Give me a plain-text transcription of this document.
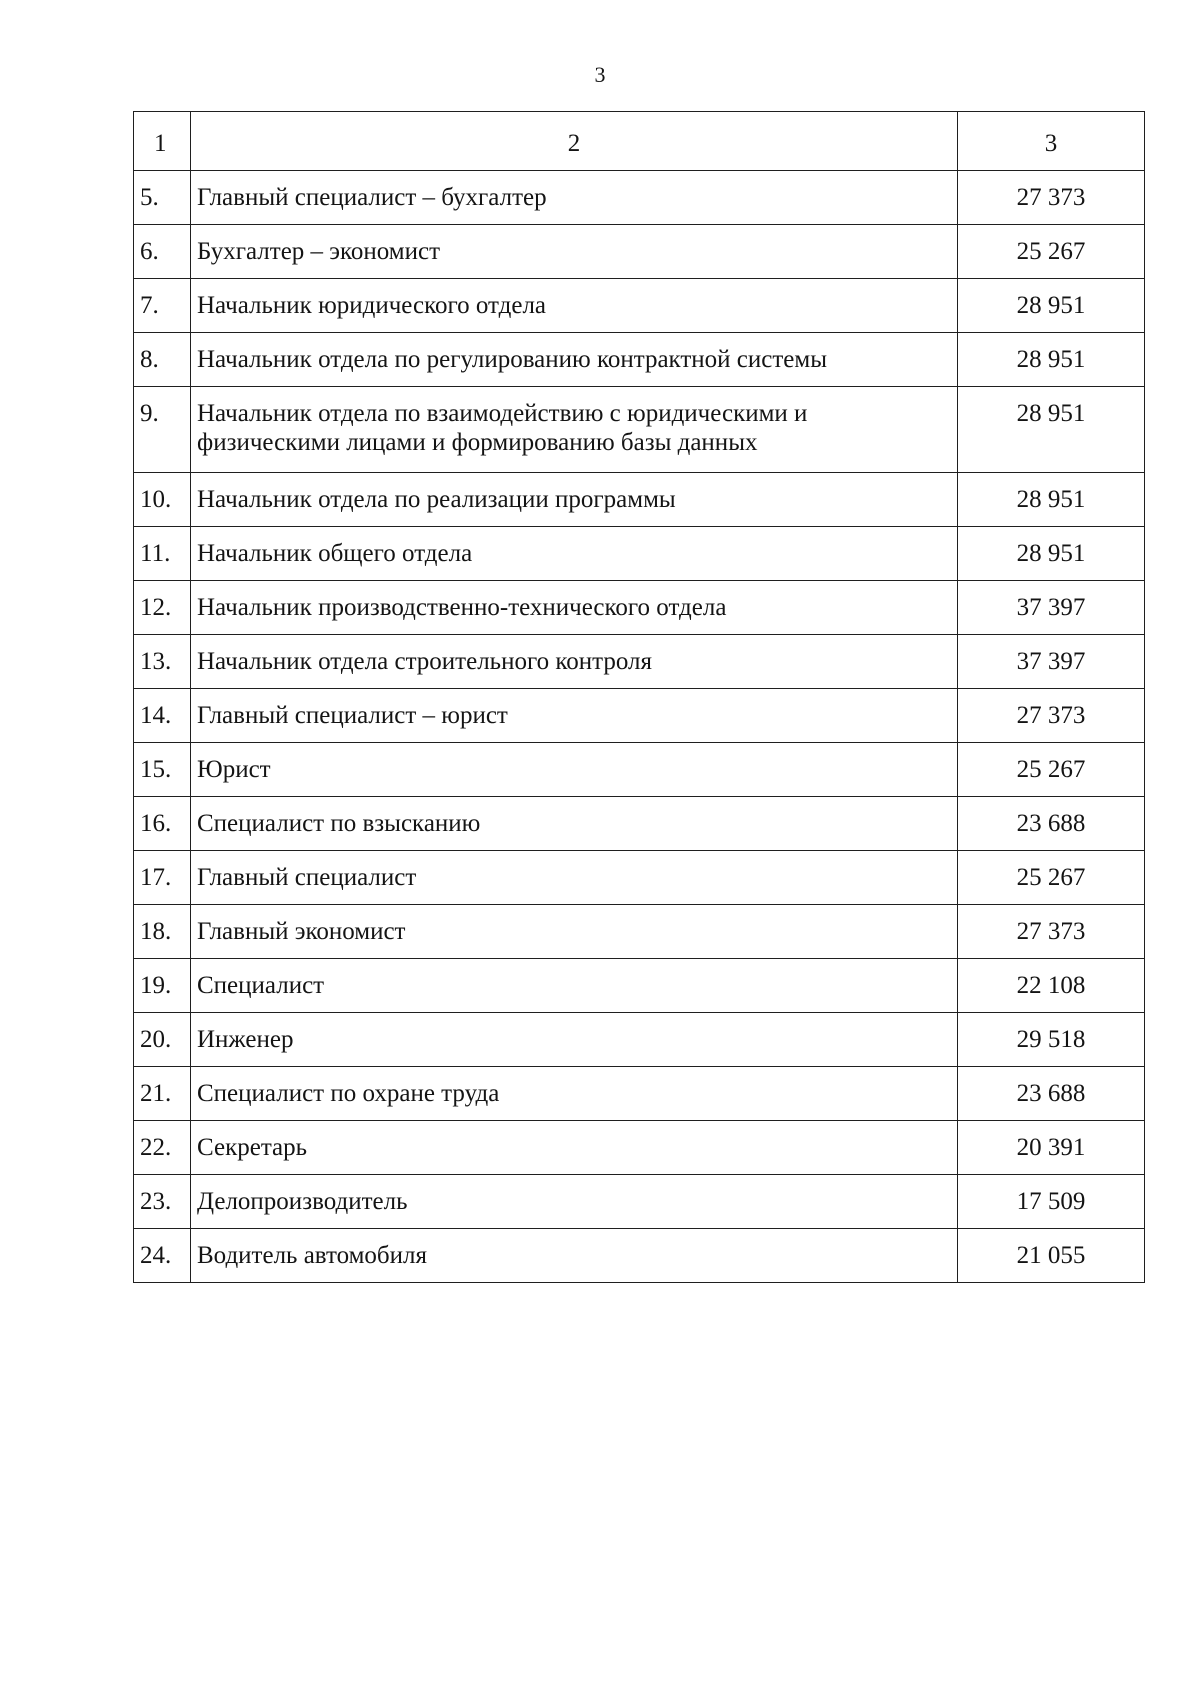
3
1	2	3
5.	Главный специалист – бухгалтер	27 373
6.	Бухгалтер – экономист	25 267
7.	Начальник юридического отдела	28 951
8.	Начальник отдела по регулированию контрактной системы	28 951
9.	Начальник отдела по взаимодействию с юридическими и физическими лицами и формированию базы данных	28 951
10.	Начальник отдела по реализации программы	28 951
11.	Начальник общего отдела	28 951
12.	Начальник производственно-технического отдела	37 397
13.	Начальник отдела строительного контроля	37 397
14.	Главный специалист – юрист	27 373
15.	Юрист	25 267
16.	Специалист по взысканию	23 688
17.	Главный специалист	25 267
18.	Главный экономист	27 373
19.	Специалист	22 108
20.	Инженер	29 518
21.	Специалист по охране труда	23 688
22.	Секретарь	20 391
23.	Делопроизводитель	17 509
24.	Водитель автомобиля	21 055
